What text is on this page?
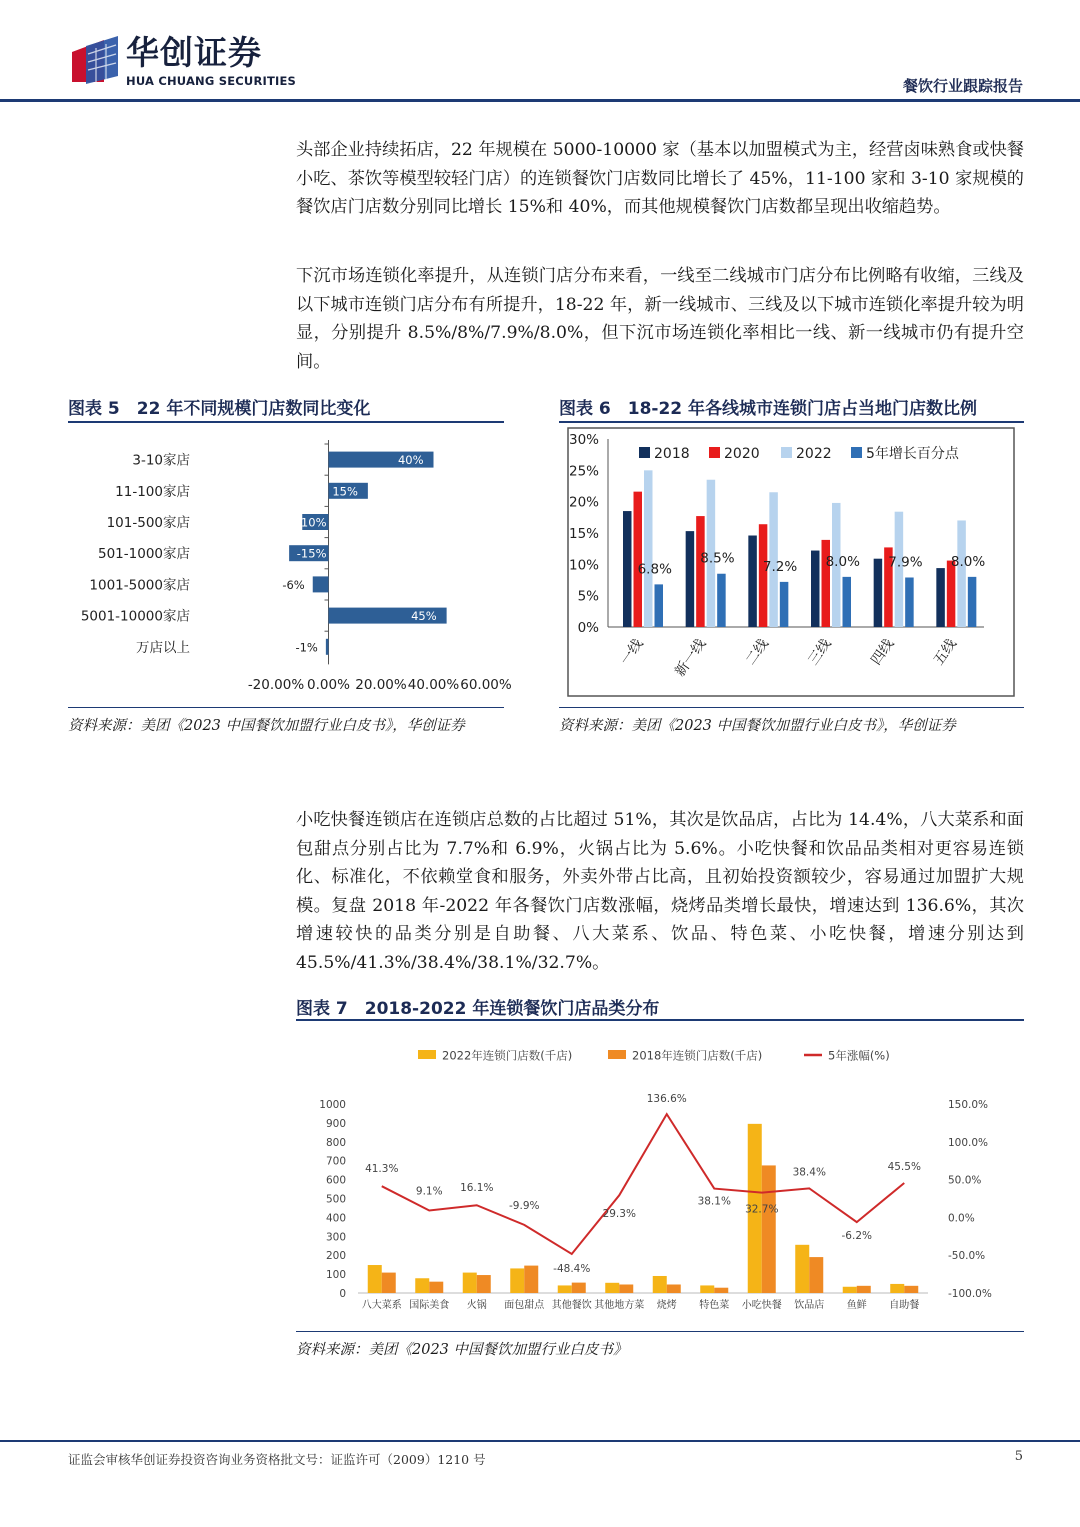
华创证券
HUA CHUANG SECURITIES	餐饮行业跟踪报告

头部企业持续拓店，22 年规模在 5000-10000 家（基本以加盟模式为主，经营卤味熟食或快餐小吃、茶饮等模型较轻门店）的连锁餐饮门店数同比增长了 45%，11-100 家和 3-10 家规模的餐饮店门店数分别同比增长 15%和 40%，而其他规模餐饮门店数都呈现出收缩趋势。

下沉市场连锁化率提升，从连锁门店分布来看，一线至二线城市门店分布比例略有收缩，三线及以下城市连锁门店分布有所提升，18-22 年，新一线城市、三线及以下城市连锁化率提升较为明显，分别提升 8.5%/8%/7.9%/8.0%，但下沉市场连锁化率相比一线、新一线城市仍有提升空间。

图表 5　22 年不同规模门店数同比变化
3-10家店	40%
11-100家店	15%
101-500家店	-10%
501-1000家店	-15%
1001-5000家店	-6%
5001-10000家店	45%
万店以上	-1%
-20.00% 0.00% 20.00% 40.00% 60.00%
资料来源：美团《2023 中国餐饮加盟行业白皮书》，华创证券
图表 6　18-22 年各线城市连锁门店占当地门店数比例
0%
5%
10%
15%
20%
25%
30%
6.8%
一线
8.5%
新一线
7.2%
二线
8.0%
三线
7.9%
四线
8.0%
五线
2018 2020	2022 5年增长百分点
资料来源：美团《2023 中国餐饮加盟行业白皮书》，华创证券

小吃快餐连锁店在连锁店总数的占比超过 51%，其次是饮品店，占比为 14.4%，八大菜系和面包甜点分别占比为 7.7%和 6.9%，火锅占比为 5.6%。小吃快餐和饮品品类相对更容易连锁化、标准化，不依赖堂食和服务，外卖外带占比高，且初始投资额较少，容易通过加盟扩大规模。复盘 2018 年-2022 年各餐饮门店数涨幅，烧烤品类增长最快，增速达到 136.6%，其次增速较快的品类分别是自助餐、八大菜系、饮品、特色菜、小吃快餐，增速分别达到 45.5%/41.3%/38.4%/38.1%/32.7%。

图表 7　2018-2022 年连锁餐饮门店品类分布
0
100
200
300
400
500
600
700
800
900
1000
-100.0%
-50.0%
0.0%
50.0%
100.0%
150.0%
八大菜系 国际美食 火锅 面包甜点 其他餐饮 其他地方菜 烧烤 特色菜 小吃快餐 饮品店 鱼鲜 自助餐
41.3%
9.1% 16.1%
-9.9%
-48.4%
29.3%
136.6%
38.1%
32.7%
38.4%
-6.2%
45.5%
2022年连锁门店数(千店)	2018年连锁门店数(千店)	5年涨幅(%)
资料来源：美团《2023 中国餐饮加盟行业白皮书》
证监会审核华创证券投资咨询业务资格批文号：证监许可（2009）1210 号	5
